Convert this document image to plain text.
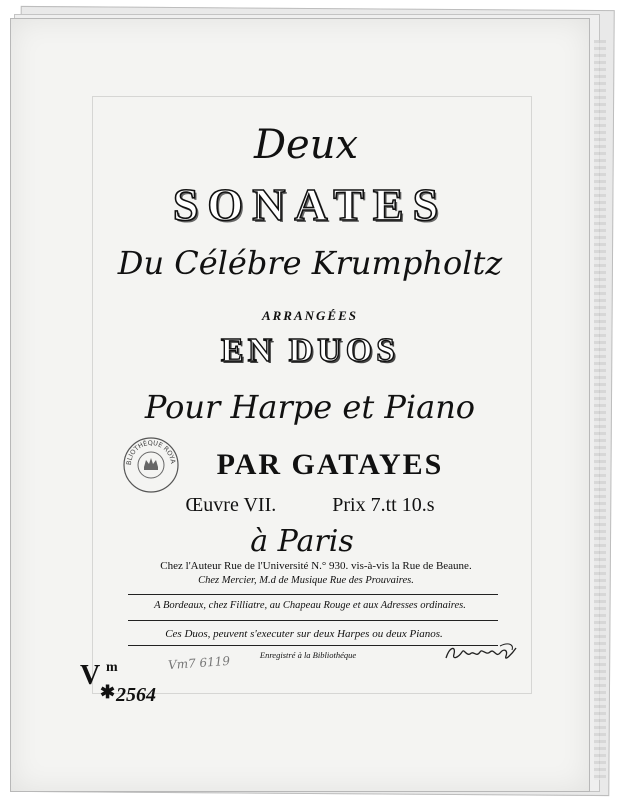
Deux
SONATES
Du Célébre Krumpholtz
ARRANGÉES
EN DUOS
Pour Harpe et Piano
BLIOTHÈQUE ROYA	PAR GATAYES
Œuvre VII.	Prix 7.tt 10.s
à Paris
Chez l'Auteur Rue de l'Université N.° 930. vis-à-vis la Rue de Beaune.
Chez Mercier, M.d de Musique Rue des Prouvaires.
A Bordeaux, chez Filliatre, au Chapeau Rouge et aux Adresses ordinaires.
Ces Duos, peuvent s'executer sur deux Harpes ou deux Pianos.
Enregistré à la Bibliothéque
V m
✱ 2564
Vm7 6119
